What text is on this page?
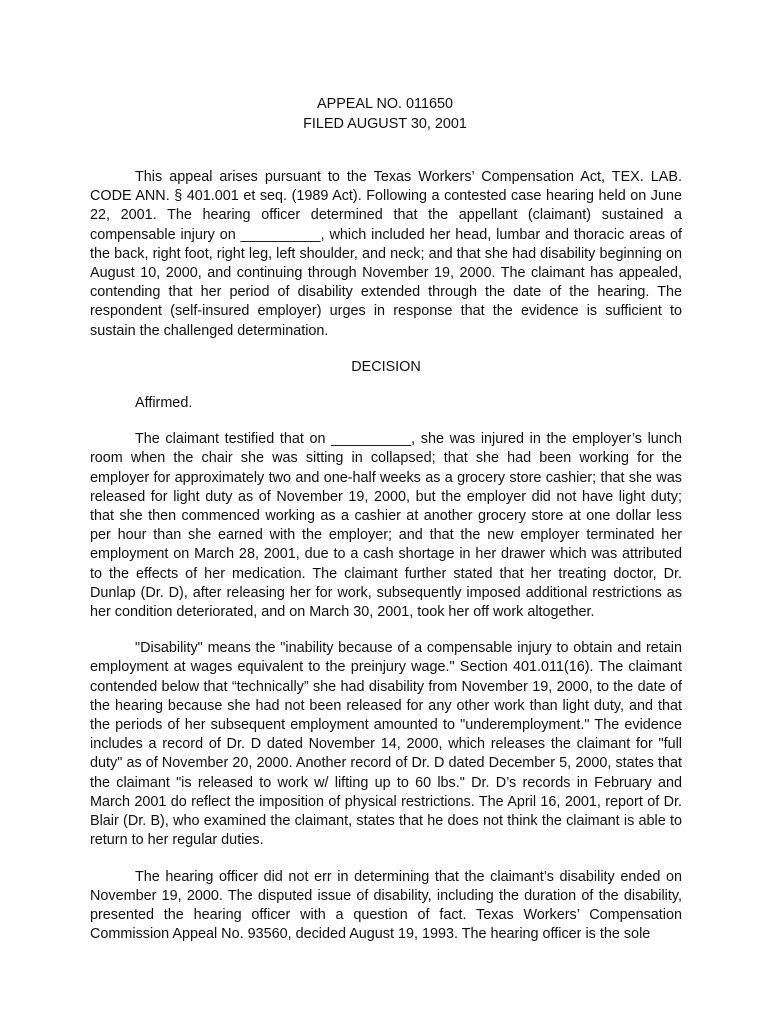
APPEAL NO. 011650
FILED AUGUST 30, 2001

This appeal arises pursuant to the Texas Workers’ Compensation Act, TEX. LAB. CODE ANN. § 401.001 et seq. (1989 Act). Following a contested case hearing held on June 22, 2001. The hearing officer determined that the appellant (claimant) sustained a compensable injury on __________, which included her head, lumbar and thoracic areas of the back, right foot, right leg, left shoulder, and neck; and that she had disability beginning on August 10, 2000, and continuing through November 19, 2000. The claimant has appealed, contending that her period of disability extended through the date of the hearing. The respondent (self-insured employer) urges in response that the evidence is sufficient to sustain the challenged determination.

DECISION
Affirmed.

The claimant testified that on __________, she was injured in the employer’s lunch room when the chair she was sitting in collapsed; that she had been working for the employer for approximately two and one-half weeks as a grocery store cashier; that she was released for light duty as of November 19, 2000, but the employer did not have light duty; that she then commenced working as a cashier at another grocery store at one dollar less per hour than she earned with the employer; and that the new employer terminated her employment on March 28, 2001, due to a cash shortage in her drawer which was attributed to the effects of her medication. The claimant further stated that her treating doctor, Dr. Dunlap (Dr. D), after releasing her for work, subsequently imposed additional restrictions as her condition deteriorated, and on March 30, 2001, took her off work altogether.

"Disability" means the "inability because of a compensable injury to obtain and retain employment at wages equivalent to the preinjury wage." Section 401.011(16). The claimant contended below that “technically” she had disability from November 19, 2000, to the date of the hearing because she had not been released for any other work than light duty, and that the periods of her subsequent employment amounted to "underemployment." The evidence includes a record of Dr. D dated November 14, 2000, which releases the claimant for "full duty" as of November 20, 2000. Another record of Dr. D dated December 5, 2000, states that the claimant "is released to work w/ lifting up to 60 lbs." Dr. D’s records in February and March 2001 do reflect the imposition of physical restrictions. The April 16, 2001, report of Dr. Blair (Dr. B), who examined the claimant, states that he does not think the claimant is able to return to her regular duties.

The hearing officer did not err in determining that the claimant’s disability ended on November 19, 2000. The disputed issue of disability, including the duration of the disability, presented the hearing officer with a question of fact. Texas Workers’ Compensation Commission Appeal No. 93560, decided August 19, 1993. The hearing officer is the sole
